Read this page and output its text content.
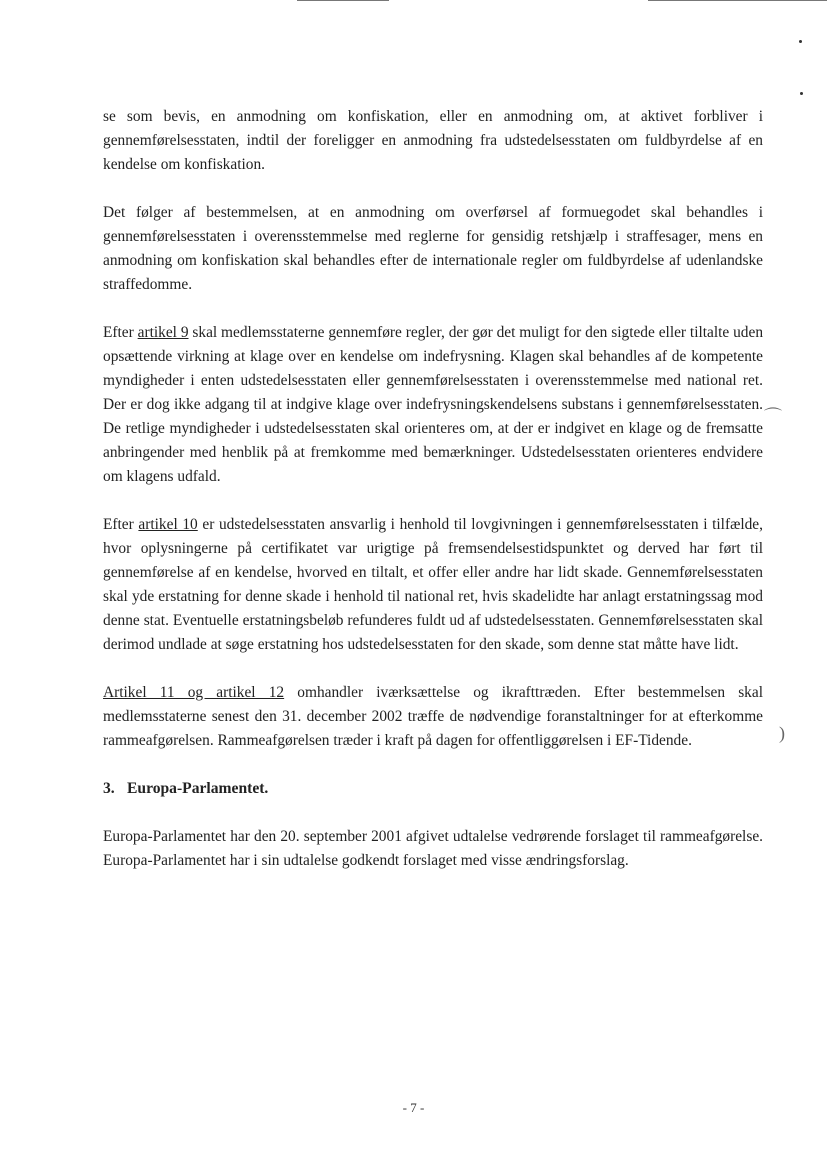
⌒
)

se som bevis, en anmodning om konfiskation, eller en anmodning om, at aktivet forbliver i gennemførelsesstaten, indtil der foreligger en anmodning fra udstedelsesstaten om fuldbyrdelse af en kendelse om konfiskation.

Det følger af bestemmelsen, at en anmodning om overførsel af formuegodet skal behandles i gennemførelsesstaten i overensstemmelse med reglerne for gensidig retshjælp i straffesager, mens en anmodning om konfiskation skal behandles efter de internationale regler om fuldbyrdelse af udenlandske straffedomme.

Efter artikel 9 skal medlemsstaterne gennemføre regler, der gør det muligt for den sigtede eller tiltalte uden opsættende virkning at klage over en kendelse om indefrysning. Klagen skal behandles af de kompetente myndigheder i enten udstedelsesstaten eller gennemførelsesstaten i overensstemmelse med national ret. Der er dog ikke adgang til at indgive klage over indefrysningskendelsens substans i gennemførelsesstaten. De retlige myndigheder i udstedelsesstaten skal orienteres om, at der er indgivet en klage og de fremsatte anbringender med henblik på at fremkomme med bemærkninger. Udstedelsesstaten orienteres endvidere om klagens udfald.

Efter artikel 10 er udstedelsesstaten ansvarlig i henhold til lovgivningen i gennemførelsesstaten i tilfælde, hvor oplysningerne på certifikatet var urigtige på fremsendelsestidspunktet og derved har ført til gennemførelse af en kendelse, hvorved en tiltalt, et offer eller andre har lidt skade. Gennemførelsesstaten skal yde erstatning for denne skade i henhold til national ret, hvis skadelidte har anlagt erstatningssag mod denne stat. Eventuelle erstatningsbeløb refunderes fuldt ud af udstedelsesstaten. Gennemførelsesstaten skal derimod undlade at søge erstatning hos udstedelsesstaten for den skade, som denne stat måtte have lidt.

Artikel 11 og artikel 12 omhandler iværksættelse og ikrafttræden. Efter bestemmelsen skal medlemsstaterne senest den 31. december 2002 træffe de nødvendige foranstaltninger for at efterkomme rammeafgørelsen. Rammeafgørelsen træder i kraft på dagen for offentliggørelsen i EF-Tidende.

3. Europa-Parlamentet.

Europa-Parlamentet har den 20. september 2001 afgivet udtalelse vedrørende forslaget til rammeafgørelse. Europa-Parlamentet har i sin udtalelse godkendt forslaget med visse ændringsforslag.

- 7 -
